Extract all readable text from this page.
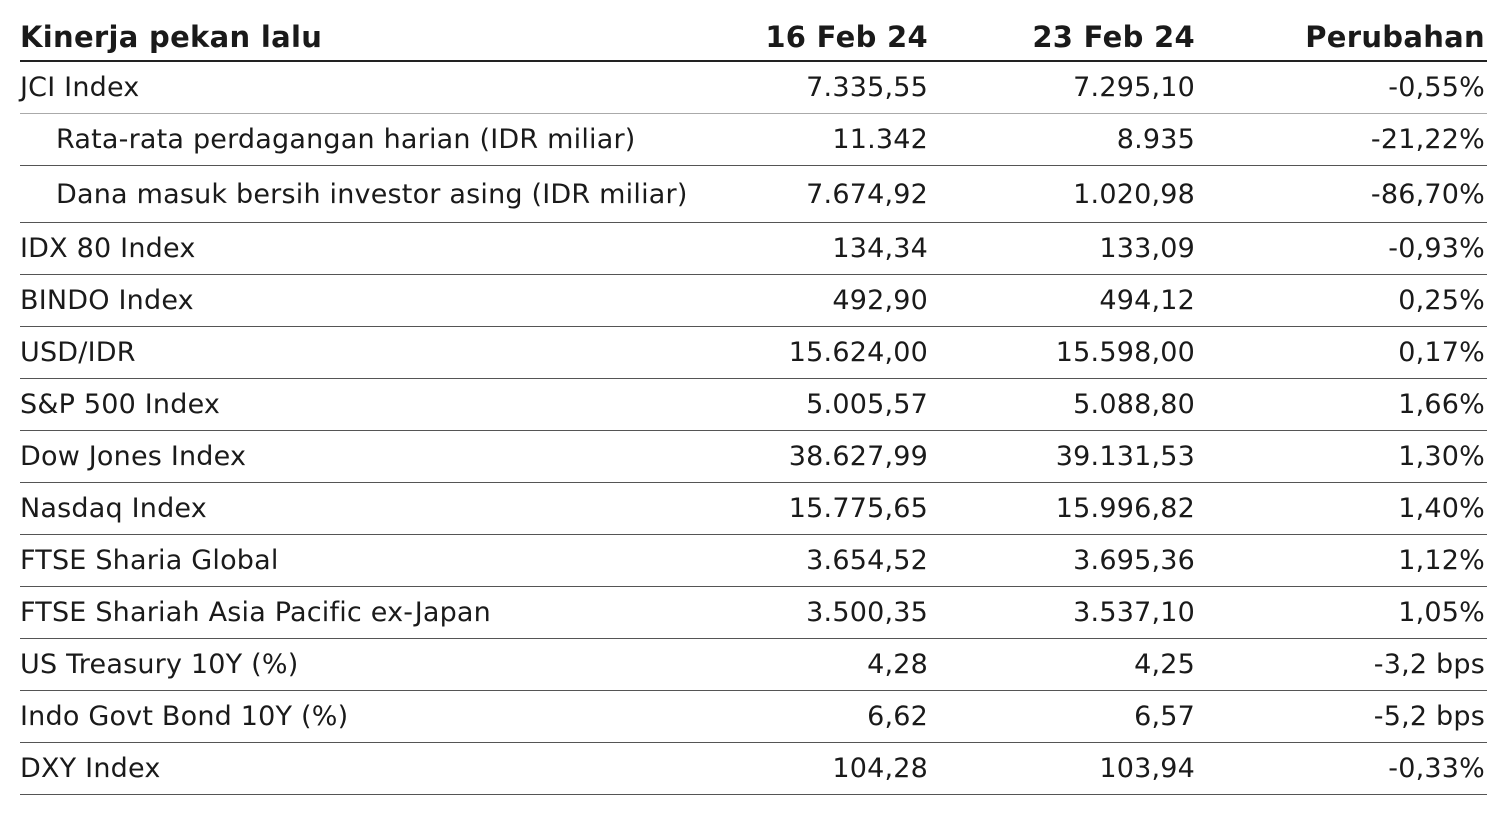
Kinerja pekan lalu	16 Feb 24	23 Feb 24	Perubahan
JCI Index	7.335,55	7.295,10	-0,55%
Rata-rata perdagangan harian (IDR miliar)	11.342	8.935	-21,22%
Dana masuk bersih investor asing (IDR miliar)	7.674,92	1.020,98	-86,70%
IDX 80 Index	134,34	133,09	-0,93%
BINDO Index	492,90	494,12	0,25%
USD/IDR	15.624,00	15.598,00	0,17%
S&P 500 Index	5.005,57	5.088,80	1,66%
Dow Jones Index	38.627,99	39.131,53	1,30%
Nasdaq Index	15.775,65	15.996,82	1,40%
FTSE Sharia Global	3.654,52	3.695,36	1,12%
FTSE Shariah Asia Pacific ex-Japan	3.500,35	3.537,10	1,05%
US Treasury 10Y (%)	4,28	4,25	-3,2 bps
Indo Govt Bond 10Y (%)	6,62	6,57	-5,2 bps
DXY Index	104,28	103,94	-0,33%
